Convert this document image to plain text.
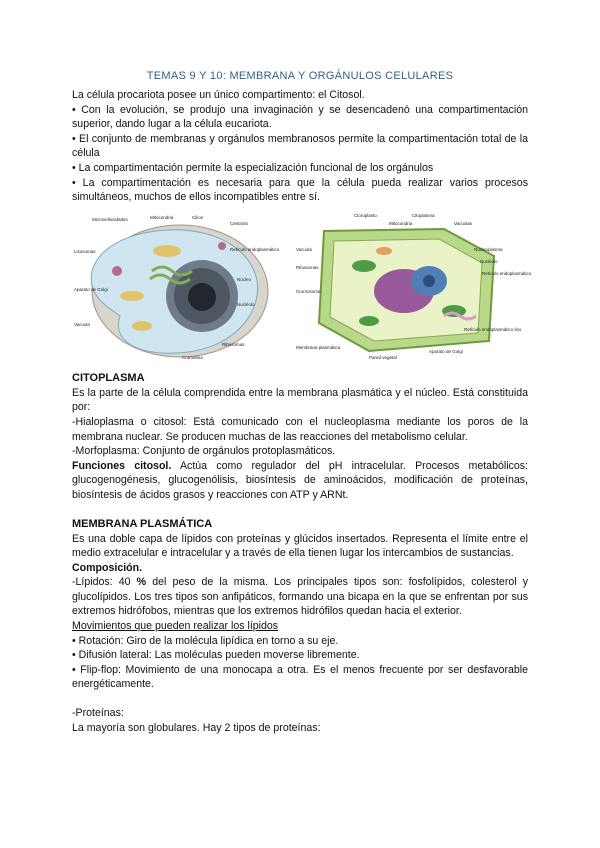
TEMAS 9 Y 10: MEMBRANA Y ORGÁNULOS CELULARES

La célula procariota posee un único compartimento: el Citosol.

• Con la evolución, se produjo una invaginación y se desencadenó una compartimentación superior, dando lugar a la célula eucariota.

• El conjunto de membranas y orgánulos membranosos permite la compartimentación total de la célula

• La compartimentación permite la especialización funcional de los orgánulos

• La compartimentación es necesaria para que la célula pueda realizar varios procesos simultáneos, muchos de ellos incompatibles entre sí.

Microvellosidades	Mitocondria	Cilios
Centriolo
Lisosomas
Aparato de Golgi
Retículo endoplasmático
Núcleo
Nucléolo
Vacuola
Ribosomas
Cromatina
Cloroplasto	Citoplasma
Mitocondria
Vacuola
Vacuolas
Nucleoplasma
Nucléolo
Retículo endoplasmático
Ribosomas
Cromosoma
Membrana plasmática
Pared vegetal
Aparato de Golgi
Retículo endoplasmático liso

CITOPLASMA

Es la parte de la célula comprendida entre la membrana plasmática y el núcleo. Está constituida por:

-Hialoplasma o citosol: Está comunicado con el nucleoplasma mediante los poros de la membrana nuclear. Se producen muchas de las reacciones del metabolismo celular.

-Morfoplasma: Conjunto de orgánulos protoplasmáticos.

Funciones citosol. Actúa como regulador del pH intracelular. Procesos metabólicos: glucogenogénesis, glucogenólisis, biosíntesis de aminoácidos, modificación de proteínas, biosíntesis de ácidos grasos y reacciones con ATP y ARNt.

MEMBRANA PLASMÁTICA

Es una doble capa de lípidos con proteínas y glúcidos insertados. Representa el límite entre el medio extracelular e intracelular y a través de ella tienen lugar los intercambios de sustancias.

Composición.

-Lípidos: 40 % del peso de la misma. Los principales tipos son: fosfolípidos, colesterol y glucolípidos. Los tres tipos son anfipáticos, formando una bicapa en la que se enfrentan por sus extremos hidrófobos, mientras que los extremos hidrófilos quedan hacia el exterior.

Movimientos que pueden realizar los lípidos

• Rotación: Giro de la molécula lipídica en torno a su eje.

• Difusión lateral: Las moléculas pueden moverse libremente.

• Flip-flop: Movimiento de una monocapa a otra. Es el menos frecuente por ser desfavorable energéticamente.

-Proteínas:

La mayoría son globulares. Hay 2 tipos de proteínas:
